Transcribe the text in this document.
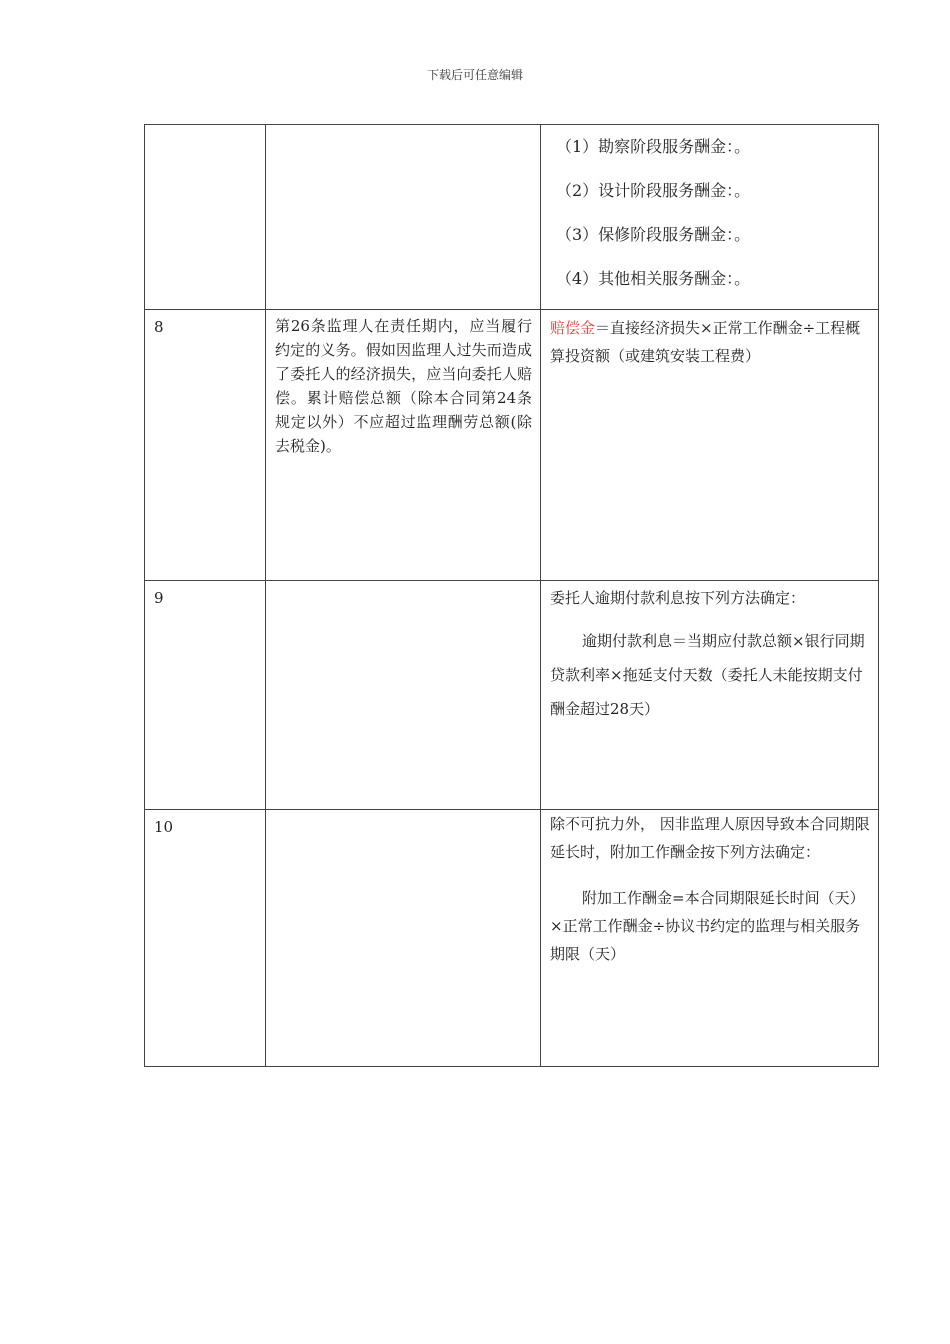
下载后可任意编辑

		（1）勘察阶段服务酬金：。
（2）设计阶段服务酬金：。
（3）保修阶段服务酬金：。
（4）其他相关服务酬金：。

8	第26条监理人在责任期内，应当履行约定的义务。假如因监理人过失而造成了委托人的经济损失，应当向委托人赔偿。累计赔偿总额（除本合同第24条规定以外）不应超过监理酬劳总额(除去税金)。	赔偿金＝直接经济损失×正常工作酬金÷工程概算投资额（或建筑安装工程费）

9		委托人逾期付款利息按下列方法确定：
逾期付款利息＝当期应付款总额×银行同期贷款利率×拖延支付天数（委托人未能按期支付酬金超过28天）

10		除不可抗力外， 因非监理人原因导致本合同期限延长时，附加工作酬金按下列方法确定：
附加工作酬金=本合同期限延长时间（天）×正常工作酬金÷协议书约定的监理与相关服务期限（天）
